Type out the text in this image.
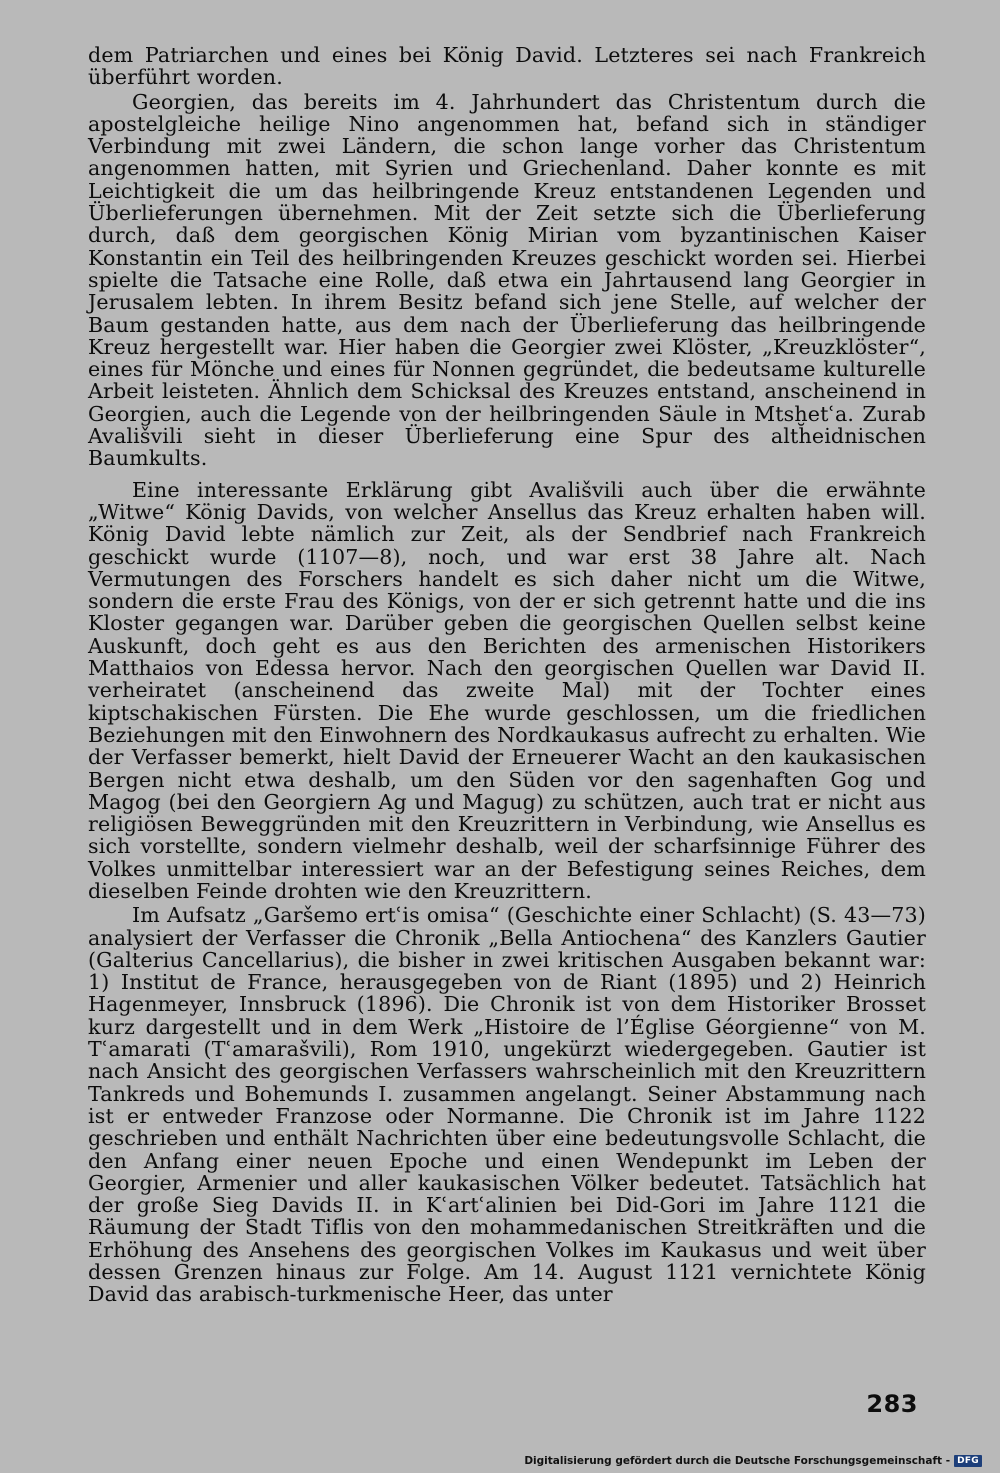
dem Patriarchen und eines bei König David. Letzteres sei nach Frankreich überführt worden.

Georgien, das bereits im 4. Jahrhundert das Christentum durch die apostelgleiche heilige Nino angenommen hat, befand sich in ständiger Verbindung mit zwei Ländern, die schon lange vorher das Christentum angenommen hatten, mit Syrien und Griechenland. Daher konnte es mit Leichtigkeit die um das heilbringende Kreuz entstandenen Legenden und Überlieferungen übernehmen. Mit der Zeit setzte sich die Überlieferung durch, daß dem georgischen König Mirian vom byzantinischen Kaiser Konstantin ein Teil des heilbringenden Kreuzes geschickt worden sei. Hierbei spielte die Tatsache eine Rolle, daß etwa ein Jahrtausend lang Georgier in Jerusalem lebten. In ihrem Besitz befand sich jene Stelle, auf welcher der Baum gestanden hatte, aus dem nach der Überlieferung das heilbringende Kreuz hergestellt war. Hier haben die Georgier zwei Klöster, „Kreuzklöster“, eines für Mönche und eines für Nonnen gegründet, die bedeutsame kulturelle Arbeit leisteten. Ähnlich dem Schicksal des Kreuzes entstand, anscheinend in Georgien, auch die Legende von der heilbringenden Säule in Mtsḫetʿa. Zurab Avališvili sieht in dieser Überlieferung eine Spur des altheidnischen Baumkults.

Eine interessante Erklärung gibt Avališvili auch über die erwähnte „Witwe“ König Davids, von welcher Ansellus das Kreuz erhalten haben will. König David lebte nämlich zur Zeit, als der Sendbrief nach Frankreich geschickt wurde (1107—8), noch, und war erst 38 Jahre alt. Nach Vermutungen des Forschers handelt es sich daher nicht um die Witwe, sondern die erste Frau des Königs, von der er sich getrennt hatte und die ins Kloster gegangen war. Darüber geben die georgischen Quellen selbst keine Auskunft, doch geht es aus den Berichten des armenischen Historikers Matthaios von Edessa hervor. Nach den georgischen Quellen war David II. verheiratet (anscheinend das zweite Mal) mit der Tochter eines kiptschakischen Fürsten. Die Ehe wurde geschlossen, um die friedlichen Beziehungen mit den Einwohnern des Nordkaukasus aufrecht zu erhalten. Wie der Verfasser bemerkt, hielt David der Erneuerer Wacht an den kaukasischen Bergen nicht etwa deshalb, um den Süden vor den sagenhaften Gog und Magog (bei den Georgiern Ag und Magug) zu schützen, auch trat er nicht aus religiösen Beweggründen mit den Kreuzrittern in Verbindung, wie Ansellus es sich vorstellte, sondern vielmehr deshalb, weil der scharfsinnige Führer des Volkes unmittelbar interessiert war an der Befestigung seines Reiches, dem dieselben Feinde drohten wie den Kreuzrittern.

Im Aufsatz „Garšemo ertʿis omisa“ (Geschichte einer Schlacht) (S. 43—73) analysiert der Verfasser die Chronik „Bella Antiochena“ des Kanzlers Gautier (Galterius Cancellarius), die bisher in zwei kritischen Ausgaben bekannt war: 1) Institut de France, herausgegeben von de Riant (1895) und 2) Heinrich Hagenmeyer, Innsbruck (1896). Die Chronik ist von dem Historiker Brosset kurz dargestellt und in dem Werk „Histoire de l’Église Géorgienne“ von M. Tʿamarati (Tʿamarašvili), Rom 1910, ungekürzt wiedergegeben. Gautier ist nach Ansicht des georgischen Verfassers wahrscheinlich mit den Kreuzrittern Tankreds und Bohemunds I. zusammen angelangt. Seiner Abstammung nach ist er entweder Franzose oder Normanne. Die Chronik ist im Jahre 1122 geschrieben und enthält Nachrichten über eine bedeutungsvolle Schlacht, die den Anfang einer neuen Epoche und einen Wendepunkt im Leben der Georgier, Armenier und aller kaukasischen Völker bedeutet. Tatsächlich hat der große Sieg Davids II. in Kʿartʿalinien bei Did-Gori im Jahre 1121 die Räumung der Stadt Tiflis von den mohammedanischen Streitkräften und die Erhöhung des Ansehens des georgischen Volkes im Kaukasus und weit über dessen Grenzen hinaus zur Folge. Am 14. August 1121 vernichtete König David das arabisch-turkmenische Heer, das unter

283
Digitalisierung gefördert durch die Deutsche Forschungsgemeinschaft - DFG
